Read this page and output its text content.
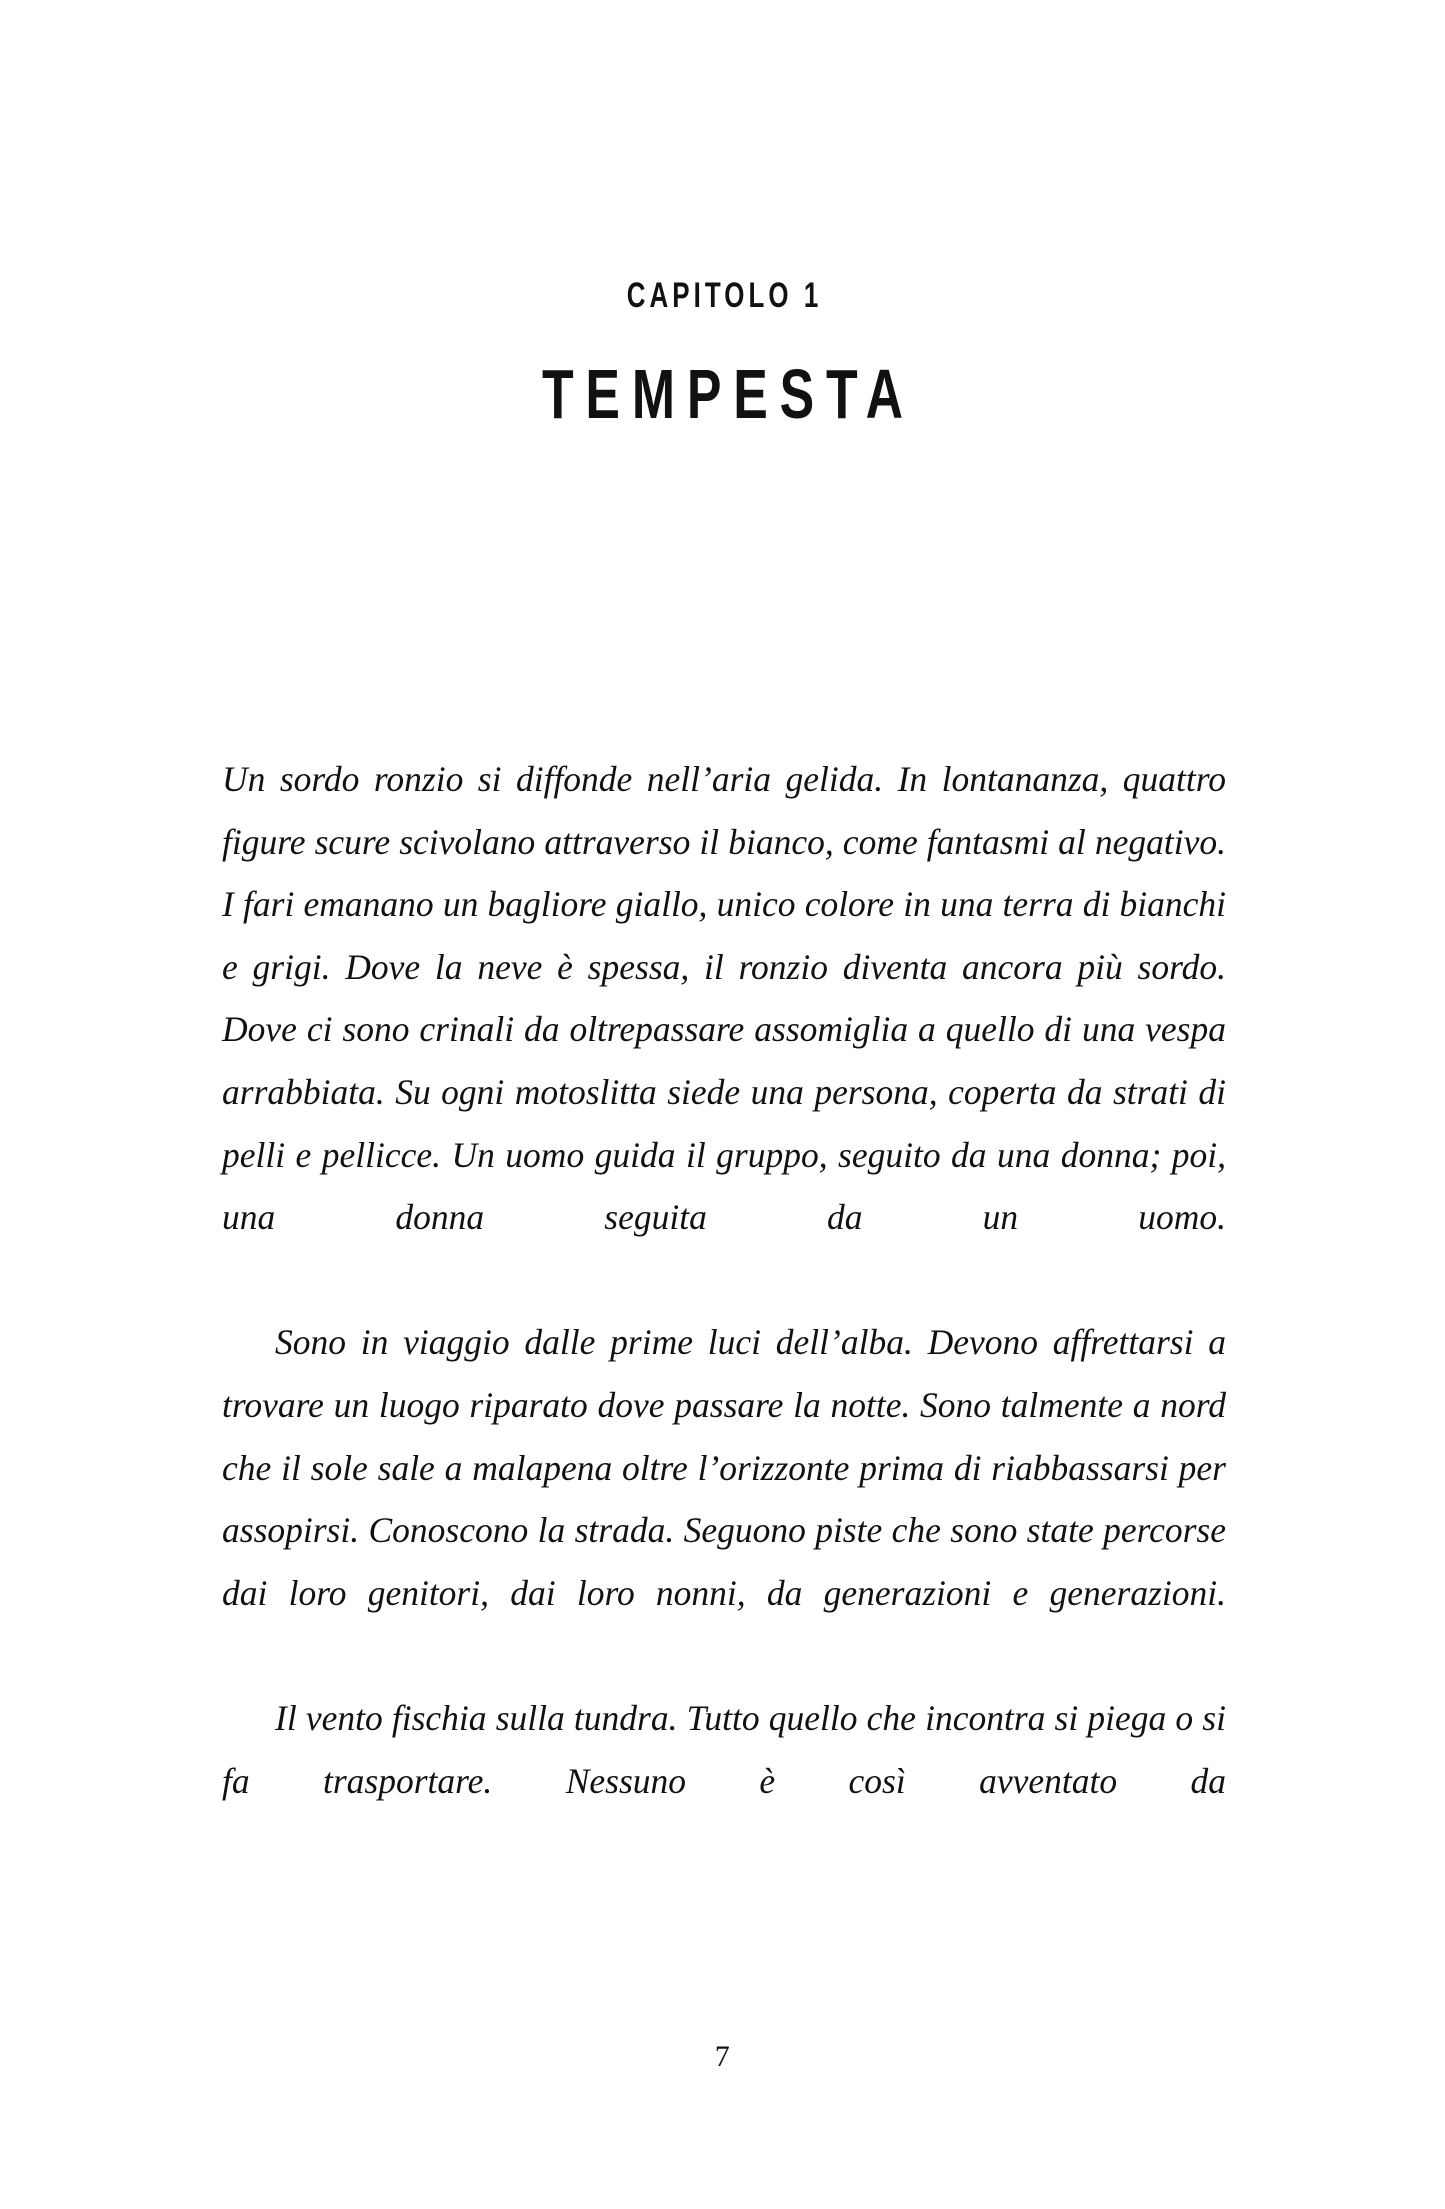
CAPITOLO 1
TEMPESTA

Un sordo ronzio si diffonde nell’aria gelida. In lontananza, quattro figure scure scivolano attraverso il bianco, come fantasmi al negativo. I fari emanano un bagliore giallo, unico colore in una terra di bianchi e grigi. Dove la neve è spessa, il ronzio diventa ancora più sordo. Dove ci sono crinali da oltrepassare assomiglia a quello di una vespa arrabbiata. Su ogni motoslitta siede una persona, coperta da strati di pelli e pellicce. Un uomo guida il gruppo, seguito da una donna; poi, una donna seguita da un uomo.

Sono in viaggio dalle prime luci dell’alba. Devono affrettarsi a trovare un luogo riparato dove passare la notte. Sono talmente a nord che il sole sale a malapena oltre l’orizzonte prima di riabbassarsi per assopirsi. Conoscono la strada. Seguono piste che sono state percorse dai loro genitori, dai loro nonni, da generazioni e generazioni.

Il vento fischia sulla tundra. Tutto quello che incontra si piega o si fa trasportare. Nessuno è così avventato da

7
